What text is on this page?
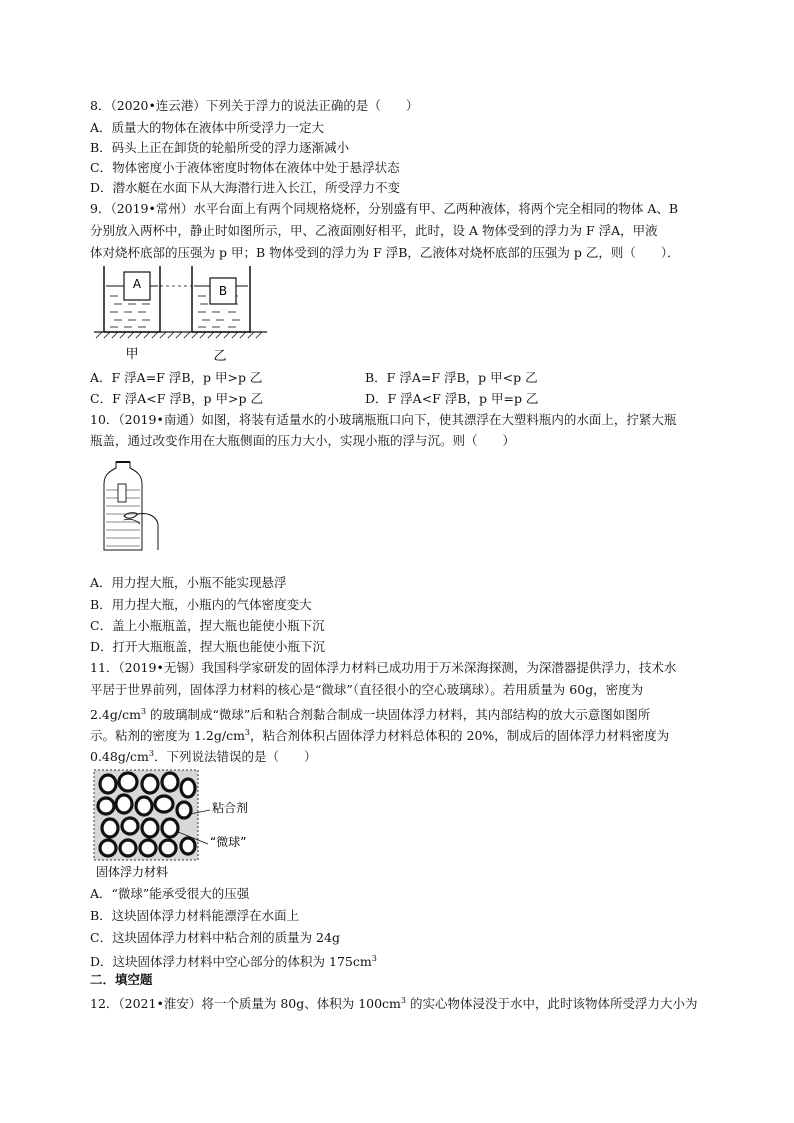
8．（2020•连云港）下列关于浮力的说法正确的是（　　）
A．质量大的物体在液体中所受浮力一定大
B．码头上正在卸货的轮船所受的浮力逐渐减小
C．物体密度小于液体密度时物体在液体中处于悬浮状态
D．潜水艇在水面下从大海潜行进入长江，所受浮力不变
9．（2019•常州）水平台面上有两个同规格烧杯，分别盛有甲、乙两种液体，将两个完全相同的物体 A、B
分别放入两杯中，静止时如图所示，甲、乙液面刚好相平，此时，设 A 物体受到的浮力为 F 浮A，甲液
体对烧杯底部的压强为 p 甲；B 物体受到的浮力为 F 浮B，乙液体对烧杯底部的压强为 p 乙，则（　　）．
A	B
甲	乙
A．F 浮A=F 浮B，p 甲>p 乙	B．F 浮A=F 浮B，p 甲<p 乙
C．F 浮A<F 浮B，p 甲>p 乙	D．F 浮A<F 浮B，p 甲=p 乙
10．（2019•南通）如图，将装有适量水的小玻璃瓶瓶口向下，使其漂浮在大塑料瓶内的水面上，拧紧大瓶
瓶盖，通过改变作用在大瓶侧面的压力大小，实现小瓶的浮与沉。则（　　）
A．用力捏大瓶，小瓶不能实现悬浮
B．用力捏大瓶，小瓶内的气体密度变大
C．盖上小瓶瓶盖，捏大瓶也能使小瓶下沉
D．打开大瓶瓶盖，捏大瓶也能使小瓶下沉
11．（2019•无锡）我国科学家研发的固体浮力材料已成功用于万米深海探测，为深潜器提供浮力，技术水
平居于世界前列，固体浮力材料的核心是“微球”（直径很小的空心玻璃球）。若用质量为 60g，密度为
$2.4g/cm^3$ 的玻璃制成“微球”后和粘合剂黏合制成一块固体浮力材料，其内部结构的放大示意图如图所
示。粘剂的密度为 $1.2g/cm^3$，粘合剂体积占固体浮力材料总体积的 20%，制成后的固体浮力材料密度为
$0.48g/cm^3$．下列说法错误的是（　　）
粘合剂
“微球”
固体浮力材料
A．“微球”能承受很大的压强
B．这块固体浮力材料能漂浮在水面上
C．这块固体浮力材料中粘合剂的质量为 24g
D．这块固体浮力材料中空心部分的体积为 $175cm^3$
二．填空题
12．（2021•淮安）将一个质量为 80g、体积为 $100cm^3$ 的实心物体浸没于水中，此时该物体所受浮力大小为
